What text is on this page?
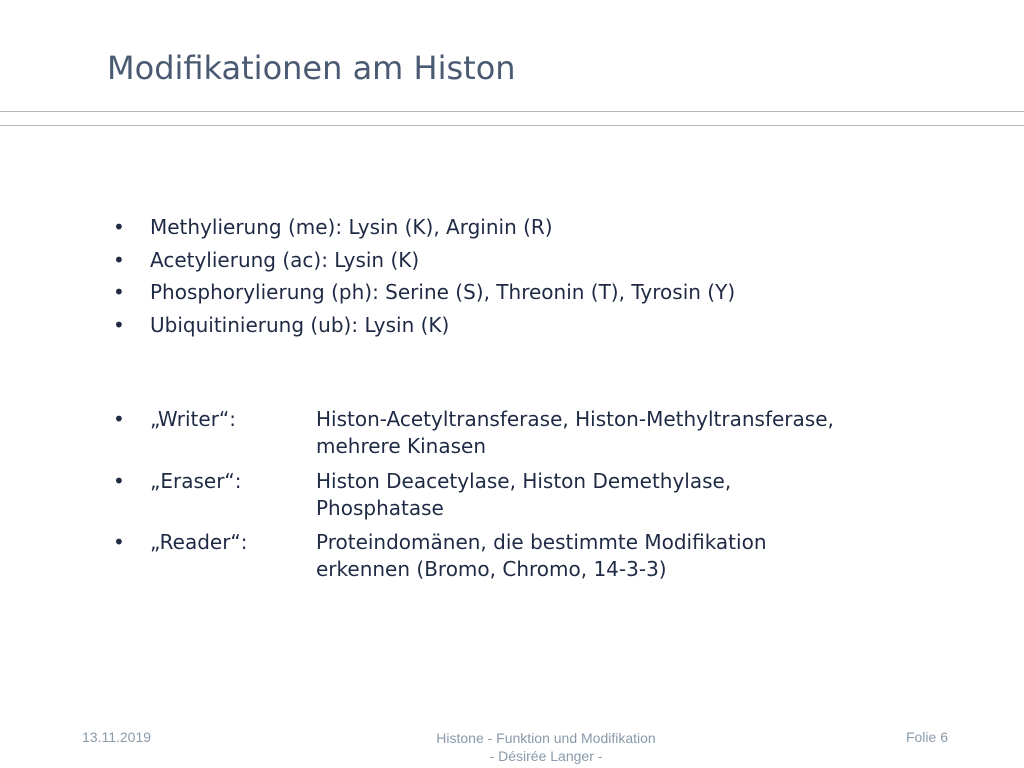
Modifikationen am Histon
• Methylierung (me): Lysin (K), Arginin (R)
• Acetylierung (ac): Lysin (K)
• Phosphorylierung (ph): Serine (S), Threonin (T), Tyrosin (Y)
• Ubiquitinierung (ub): Lysin (K)
• „Writer“:	Histon-Acetyltransferase, Histon-Methyltransferase,
mehrere Kinasen
• „Eraser“:	Histon Deacetylase, Histon Demethylase,
Phosphatase
• „Reader“:	Proteindomänen, die bestimmte Modifikation
erkennen (Bromo, Chromo, 14-3-3)
13.11.2019	Histone - Funktion und Modifikation
- Désirée Langer -
Folie 6
